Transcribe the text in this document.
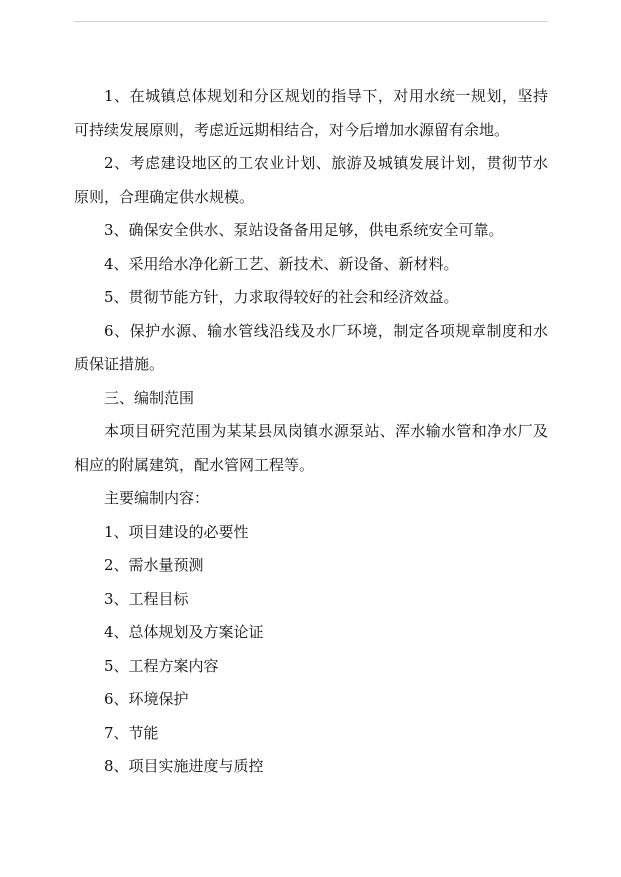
1、在城镇总体规划和分区规划的指导下，对用水统一规划，坚持可持续发展原则，考虑近远期相结合，对今后增加水源留有余地。

2、考虑建设地区的工农业计划、旅游及城镇发展计划，贯彻节水原则，合理确定供水规模。

3、确保安全供水、泵站设备备用足够，供电系统安全可靠。

4、采用给水净化新工艺、新技术、新设备、新材料。

5、贯彻节能方针，力求取得较好的社会和经济效益。

6、保护水源、输水管线沿线及水厂环境，制定各项规章制度和水质保证措施。

三、编制范围

本项目研究范围为某某县凤岗镇水源泵站、浑水输水管和净水厂及相应的附属建筑，配水管网工程等。

主要编制内容：

1、项目建设的必要性

2、需水量预测

3、工程目标

4、总体规划及方案论证

5、工程方案内容

6、环境保护

7、节能

8、项目实施进度与质控
